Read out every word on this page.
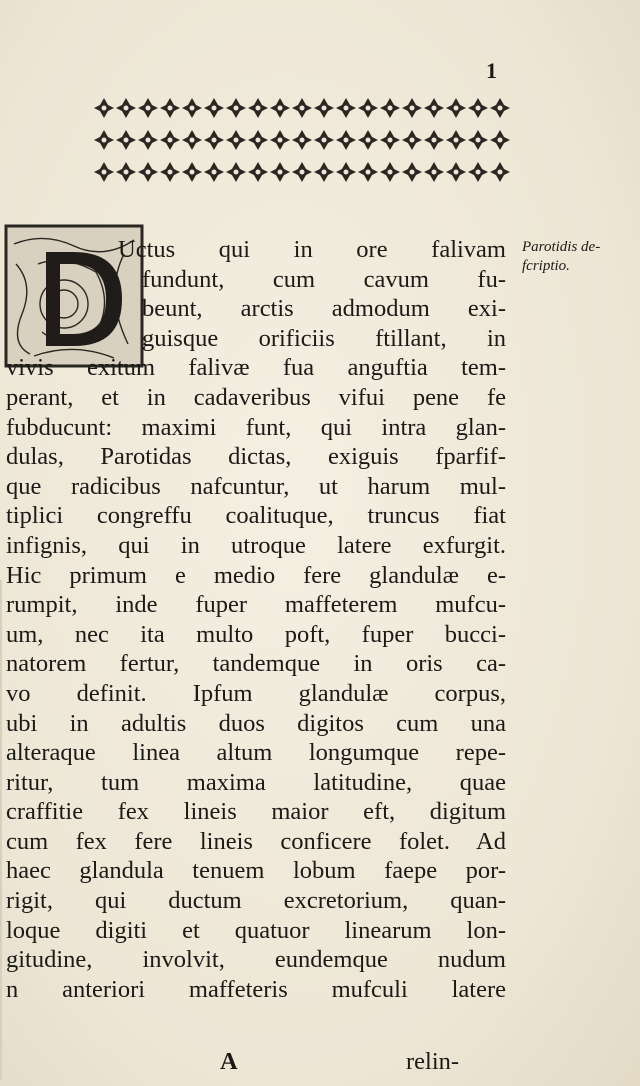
1
Uctus qui in ore falivam
fundunt, cum cavum fu-
beunt, arctis admodum exi-
guisque orificiis ftillant, in
vivis exitum falivæ fua anguftia tem-
perant, et in cadaveribus vifui pene fe
fubducunt: maximi funt, qui intra glan-
dulas, Parotidas dictas, exiguis fparfif-
que radicibus nafcuntur, ut harum mul-
tiplici congreffu coalituque, truncus fiat
infignis, qui in utroque latere exfurgit.
Hic primum e medio fere glandulæ e-
rumpit, inde fuper maffeterem mufcu-
um, nec ita multo poft, fuper bucci-
natorem fertur, tandemque in oris ca-
vo definit. Ipfum glandulæ corpus,
ubi in adultis duos digitos cum una
alteraque linea altum longumque repe-
ritur, tum maxima latitudine, quae
craffitie fex lineis maior eft, digitum
cum fex fere lineis conficere folet. Ad
haec glandula tenuem lobum faepe por-
rigit, qui ductum excretorium, quan-
loque digiti et quatuor linearum lon-
gitudine, involvit, eundemque nudum
n anteriori maffeteris mufculi latere
A	relin-
Parotidis de-
fcriptio.
